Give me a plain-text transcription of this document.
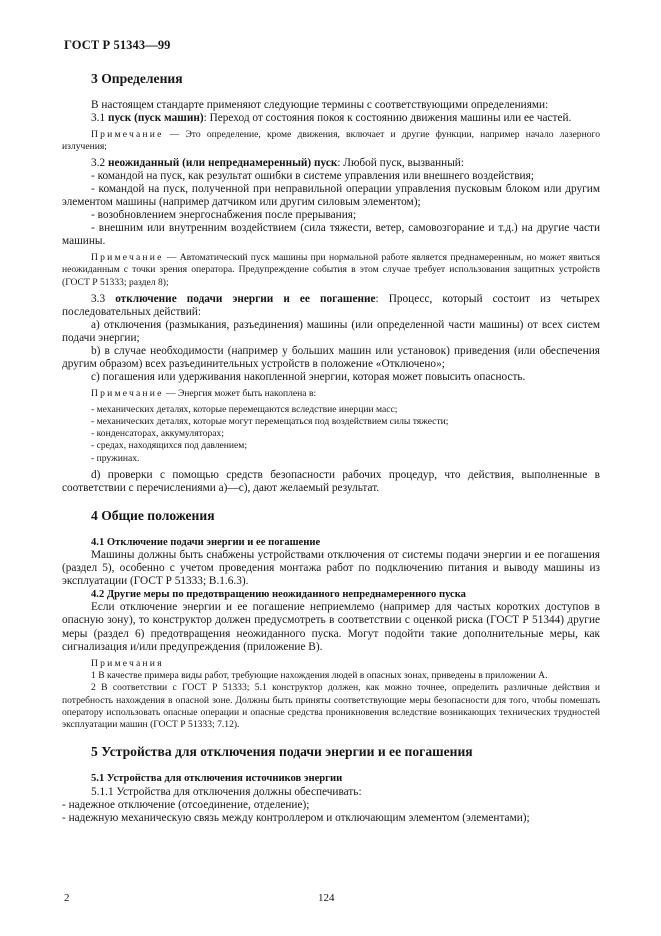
ГОСТ Р 51343—99
3 Определения

В настоящем стандарте применяют следующие термины с соответствующими определениями:

3.1 пуск (пуск машин): Переход от состояния покоя к состоянию движения машины или ее частей.

Примечание — Это определение, кроме движения, включает и другие функции, например начало лазерного излучения;

3.2 неожиданный (или непреднамеренный) пуск: Любой пуск, вызванный:

- командой на пуск, как результат ошибки в системе управления или внешнего воздействия;

- командой на пуск, полученной при неправильной операции управления пусковым блоком или другим элементом машины (например датчиком или другим силовым элементом);

- возобновлением энергоснабжения после прерывания;

- внешним или внутренним воздействием (сила тяжести, ветер, самовозгорание и т.д.) на другие части машины.

Примечание — Автоматический пуск машины при нормальной работе является преднамеренным, но может явиться неожиданным с точки зрения оператора. Предупреждение события в этом случае требует использования защитных устройств (ГОСТ Р 51333; раздел 8);

3.3 отключение подачи энергии и ее погашение: Процесс, который состоит из четырех последовательных действий:

а) отключения (размыкания, разъединения) машины (или определенной части машины) от всех систем подачи энергии;

b) в случае необходимости (например у больших машин или установок) приведения (или обеспечения другим образом) всех разъединительных устройств в положение «Отключено»;

с) погашения или удерживания накопленной энергии, которая может повысить опасность.

Примечание — Энергия может быть накоплена в:

- механических деталях, которые перемещаются вследствие инерции масс;

- механических деталях, которые могут перемещаться под воздействием силы тяжести;

- конденсаторах, аккумуляторах;

- средах, находящихся под давлением;

- пружинах.

d) проверки с помощью средств безопасности рабочих процедур, что действия, выполненные в соответствии с перечислениями а)—с), дают желаемый результат.

4 Общие положения
4.1 Отключение подачи энергии и ее погашение

Машины должны быть снабжены устройствами отключения от системы подачи энергии и ее погашения (раздел 5), особенно с учетом проведения монтажа работ по подключению питания и выводу машины из эксплуатации (ГОСТ Р 51333; В.1.6.3).

4.2 Другие меры по предотвращению неожиданного непреднамеренного пуска

Если отключение энергии и ее погашение неприемлемо (например для частых коротких доступов в опасную зону), то конструктор должен предусмотреть в соответствии с оценкой риска (ГОСТ Р 51344) другие меры (раздел 6) предотвращения неожиданного пуска. Могут подойти такие дополнительные меры, как сигнализация и/или предупреждения (приложение В).

Примечания

1 В качестве примера виды работ, требующие нахождения людей в опасных зонах, приведены в приложении А.

2 В соответствии с ГОСТ Р 51333; 5.1 конструктор должен, как можно точнее, определить различные действия и потребность нахождения в опасной зоне. Должны быть приняты соответствующие меры безопасности для того, чтобы помешать оператору использовать опасные операции и опасные средства проникновения вследствие возникающих технических трудностей эксплуатации машин (ГОСТ Р 51333; 7.12).

5 Устройства для отключения подачи энергии и ее погашения
5.1 Устройства для отключения источников энергии

5.1.1 Устройства для отключения должны обеспечивать:

- надежное отключение (отсоединение, отделение);

- надежную механическую связь между контроллером и отключающим элементом (элементами);

2	124
